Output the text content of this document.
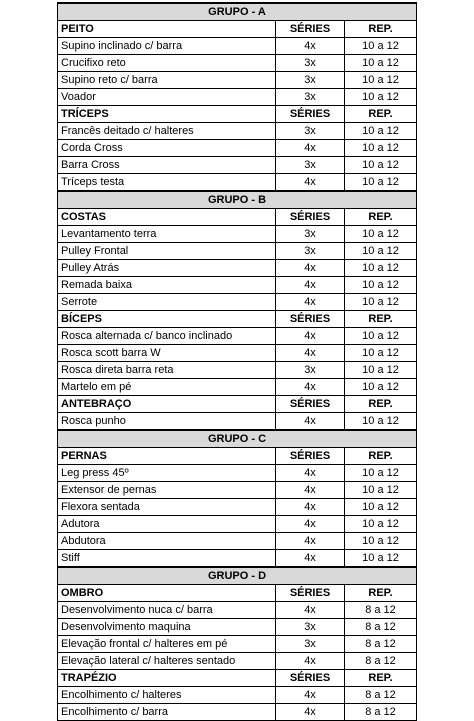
GRUPO - A		
PEITO	SÉRIES	REP.
Supino inclinado c/ barra	4x	10 a 12
Crucifixo reto	3x	10 a 12
Supino reto c/ barra	3x	10 a 12
Voador	3x	10 a 12
TRÍCEPS	SÉRIES	REP.
Francês deitado c/ halteres	3x	10 a 12
Corda Cross	4x	10 a 12
Barra Cross	3x	10 a 12
Tríceps testa	4x	10 a 12
GRUPO - B		
COSTAS	SÉRIES	REP.
Levantamento terra	3x	10 a 12
Pulley Frontal	3x	10 a 12
Pulley Atrás	4x	10 a 12
Remada baixa	4x	10 a 12
Serrote	4x	10 a 12
BÍCEPS	SÉRIES	REP.
Rosca alternada c/ banco inclinado	4x	10 a 12
Rosca scott barra W	4x	10 a 12
Rosca direta barra reta	3x	10 a 12
Martelo em pé	4x	10 a 12
ANTEBRAÇO	SÉRIES	REP.
Rosca punho	4x	10 a 12
GRUPO - C		
PERNAS	SÉRIES	REP.
Leg press 45º	4x	10 a 12
Extensor de pernas	4x	10 a 12
Flexora sentada	4x	10 a 12
Adutora	4x	10 a 12
Abdutora	4x	10 a 12
Stiff	4x	10 a 12
GRUPO - D		
OMBRO	SÉRIES	REP.
Desenvolvimento nuca c/ barra	4x	8 a 12
Desenvolvimento maquina	3x	8 a 12
Elevação frontal c/ halteres em pé	3x	8 a 12
Elevação lateral c/ halteres sentado	4x	8 a 12
TRAPÉZIO	SÉRIES	REP.
Encolhimento c/ halteres	4x	8 a 12
Encolhimento c/ barra	4x	8 a 12
